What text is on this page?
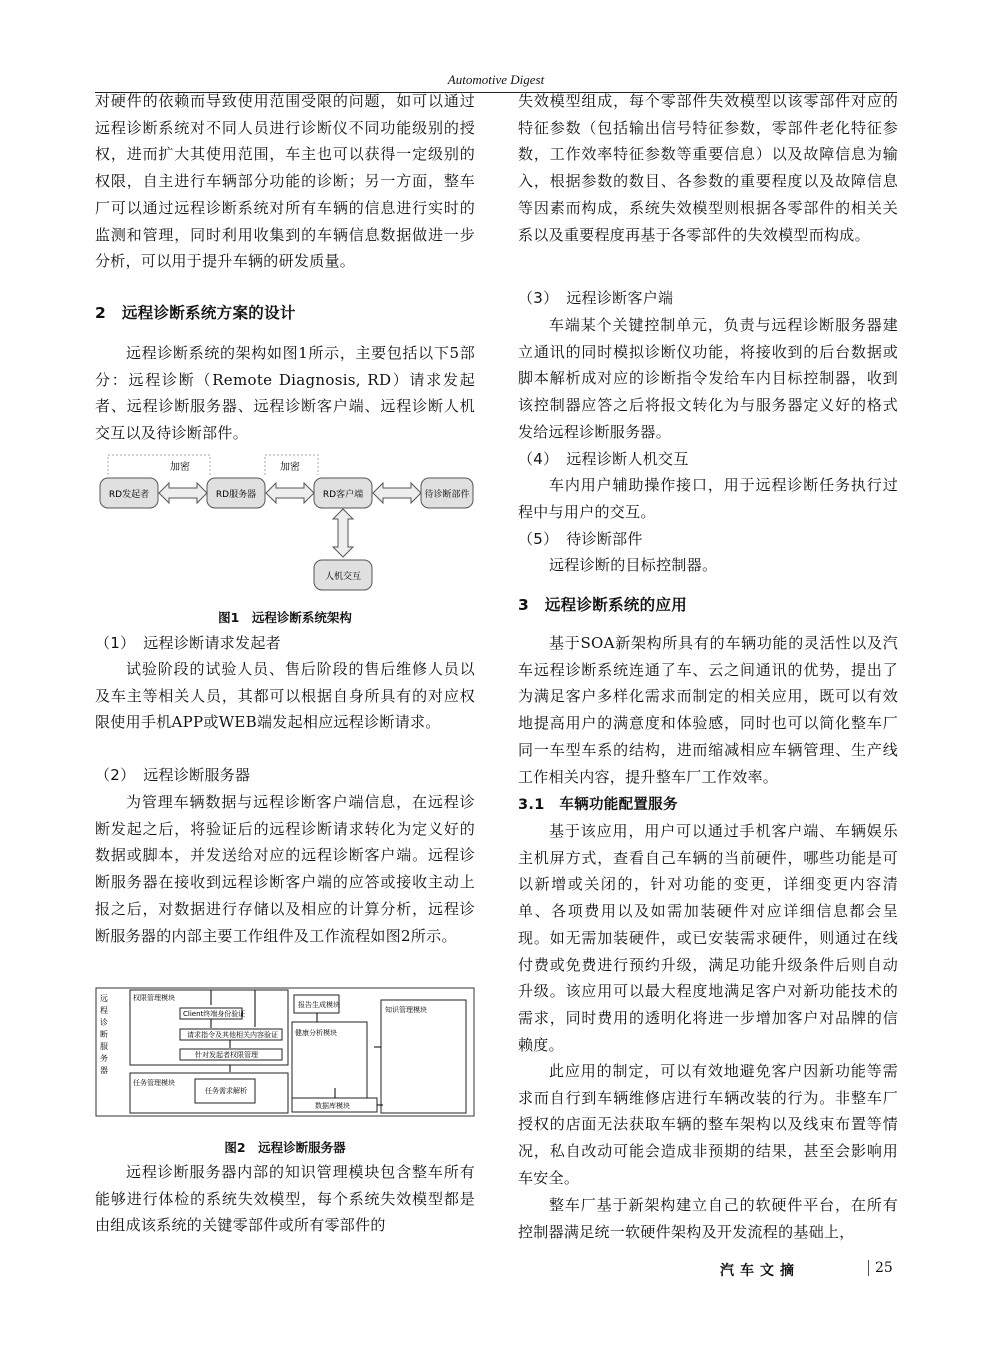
Automotive Digest
对硬件的依赖而导致使用范围受限的问题，如可以通过远程诊断系统对不同人员进行诊断仪不同功能级别的授权，进而扩大其使用范围，车主也可以获得一定级别的权限，自主进行车辆部分功能的诊断；另一方面，整车厂可以通过远程诊断系统对所有车辆的信息进行实时的监测和管理，同时利用收集到的车辆信息数据做进一步分析，可以用于提升车辆的研发质量。
2　远程诊断系统方案的设计
远程诊断系统的架构如图1所示，主要包括以下5部分：远程诊断（Remote Diagnosis, RD）请求发起者、远程诊断服务器、远程诊断客户端、远程诊断人机交互以及待诊断部件。
加密	加密
RD发起者	RD服务器	RD客户端	待诊断部件
人机交互
图1　远程诊断系统架构
（1）　远程诊断请求发起者
试验阶段的试验人员、售后阶段的售后维修人员以及车主等相关人员，其都可以根据自身所具有的对应权限使用手机APP或WEB端发起相应远程诊断请求。
（2）　远程诊断服务器
为管理车辆数据与远程诊断客户端信息，在远程诊断发起之后，将验证后的远程诊断请求转化为定义好的数据或脚本，并发送给对应的远程诊断客户端。远程诊断服务器在接收到远程诊断客户端的应答或接收主动上报之后，对数据进行存储以及相应的计算分析，远程诊断服务器的内部主要工作组件及工作流程如图2所示。
远
程
诊
断
服
务
器
权限管理模块
Client终端身份验证
请求指令及其他相关内容验证
针对发起者权限管理
任务管理模块
任务需求解析
报告生成模块
健康分析模块
数据库模块
知识管理模块
图2　远程诊断服务器
远程诊断服务器内部的知识管理模块包含整车所有能够进行体检的系统失效模型，每个系统失效模型都是由组成该系统的关键零部件或所有零部件的
失效模型组成，每个零部件失效模型以该零部件对应的特征参数（包括输出信号特征参数，零部件老化特征参数，工作效率特征参数等重要信息）以及故障信息为输入，根据参数的数目、各参数的重要程度以及故障信息等因素而构成，系统失效模型则根据各零部件的相关关系以及重要程度再基于各零部件的失效模型而构成。
（3）　远程诊断客户端
车端某个关键控制单元，负责与远程诊断服务器建立通讯的同时模拟诊断仪功能，将接收到的后台数据或脚本解析成对应的诊断指令发给车内目标控制器，收到该控制器应答之后将报文转化为与服务器定义好的格式发给远程诊断服务器。
（4）　远程诊断人机交互
车内用户辅助操作接口，用于远程诊断任务执行过程中与用户的交互。
（5）　待诊断部件
远程诊断的目标控制器。
3　远程诊断系统的应用
基于SOA新架构所具有的车辆功能的灵活性以及汽车远程诊断系统连通了车、云之间通讯的优势，提出了为满足客户多样化需求而制定的相关应用，既可以有效地提高用户的满意度和体验感，同时也可以简化整车厂同一车型车系的结构，进而缩减相应车辆管理、生产线工作相关内容，提升整车厂工作效率。
3.1　车辆功能配置服务
基于该应用，用户可以通过手机客户端、车辆娱乐主机屏方式，查看自己车辆的当前硬件，哪些功能是可以新增或关闭的，针对功能的变更，详细变更内容清单、各项费用以及如需加装硬件对应详细信息都会呈现。如无需加装硬件，或已安装需求硬件，则通过在线付费或免费进行预约升级，满足功能升级条件后则自动升级。该应用可以最大程度地满足客户对新功能技术的需求，同时费用的透明化将进一步增加客户对品牌的信赖度。
此应用的制定，可以有效地避免客户因新功能等需求而自行到车辆维修店进行车辆改装的行为。非整车厂授权的店面无法获取车辆的整车架构以及线束布置等情况，私自改动可能会造成非预期的结果，甚至会影响用车安全。
整车厂基于新架构建立自己的软硬件平台，在所有控制器满足统一软硬件架构及开发流程的基础上，
汽车文摘	25
